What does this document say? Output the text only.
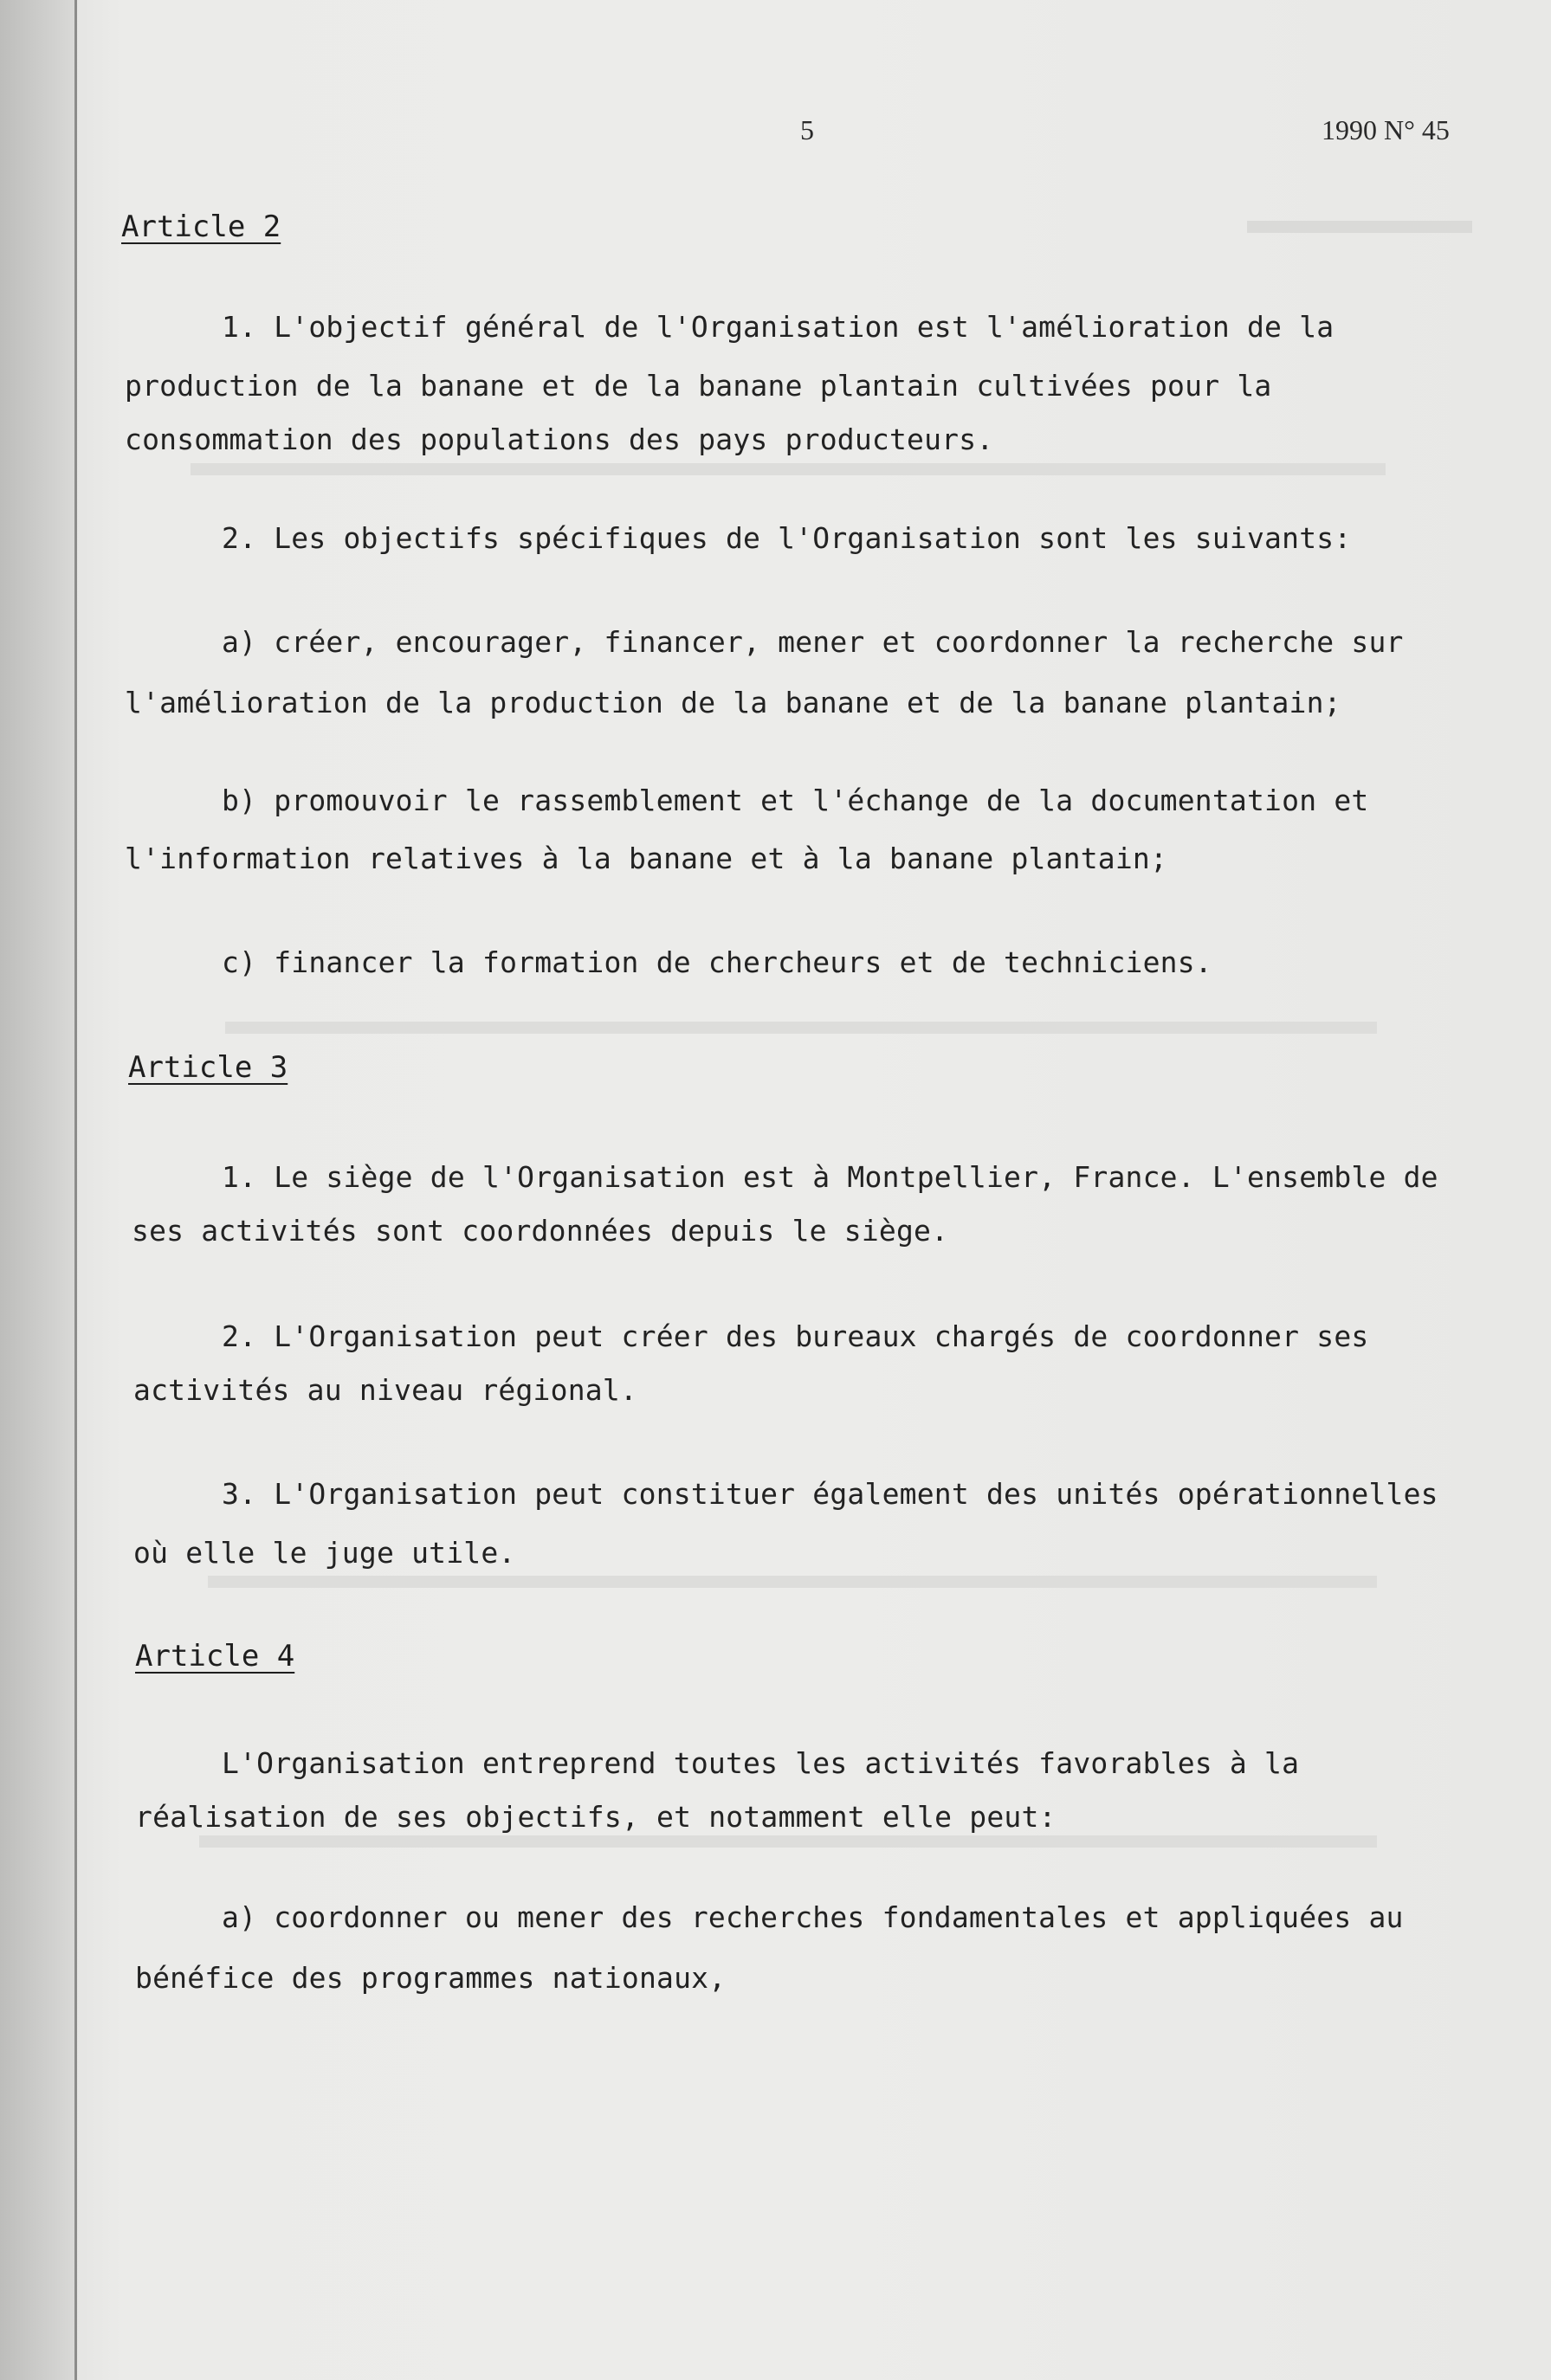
5	1990 N° 45
Article 2
1. L'objectif général de l'Organisation est l'amélioration de la
production de la banane et de la banane plantain cultivées pour la
consommation des populations des pays producteurs.
2. Les objectifs spécifiques de l'Organisation sont les suivants:
a) créer, encourager, financer, mener et coordonner la recherche sur
l'amélioration de la production de la banane et de la banane plantain;
b) promouvoir le rassemblement et l'échange de la documentation et
l'information relatives à la banane et à la banane plantain;
c) financer la formation de chercheurs et de techniciens.
Article 3
1. Le siège de l'Organisation est à Montpellier, France. L'ensemble de
ses activités sont coordonnées depuis le siège.
2. L'Organisation peut créer des bureaux chargés de coordonner ses
activités au niveau régional.
3. L'Organisation peut constituer également des unités opérationnelles
où elle le juge utile.
Article 4
L'Organisation entreprend toutes les activités favorables à la
réalisation de ses objectifs, et notamment elle peut:
a) coordonner ou mener des recherches fondamentales et appliquées au
bénéfice des programmes nationaux,
